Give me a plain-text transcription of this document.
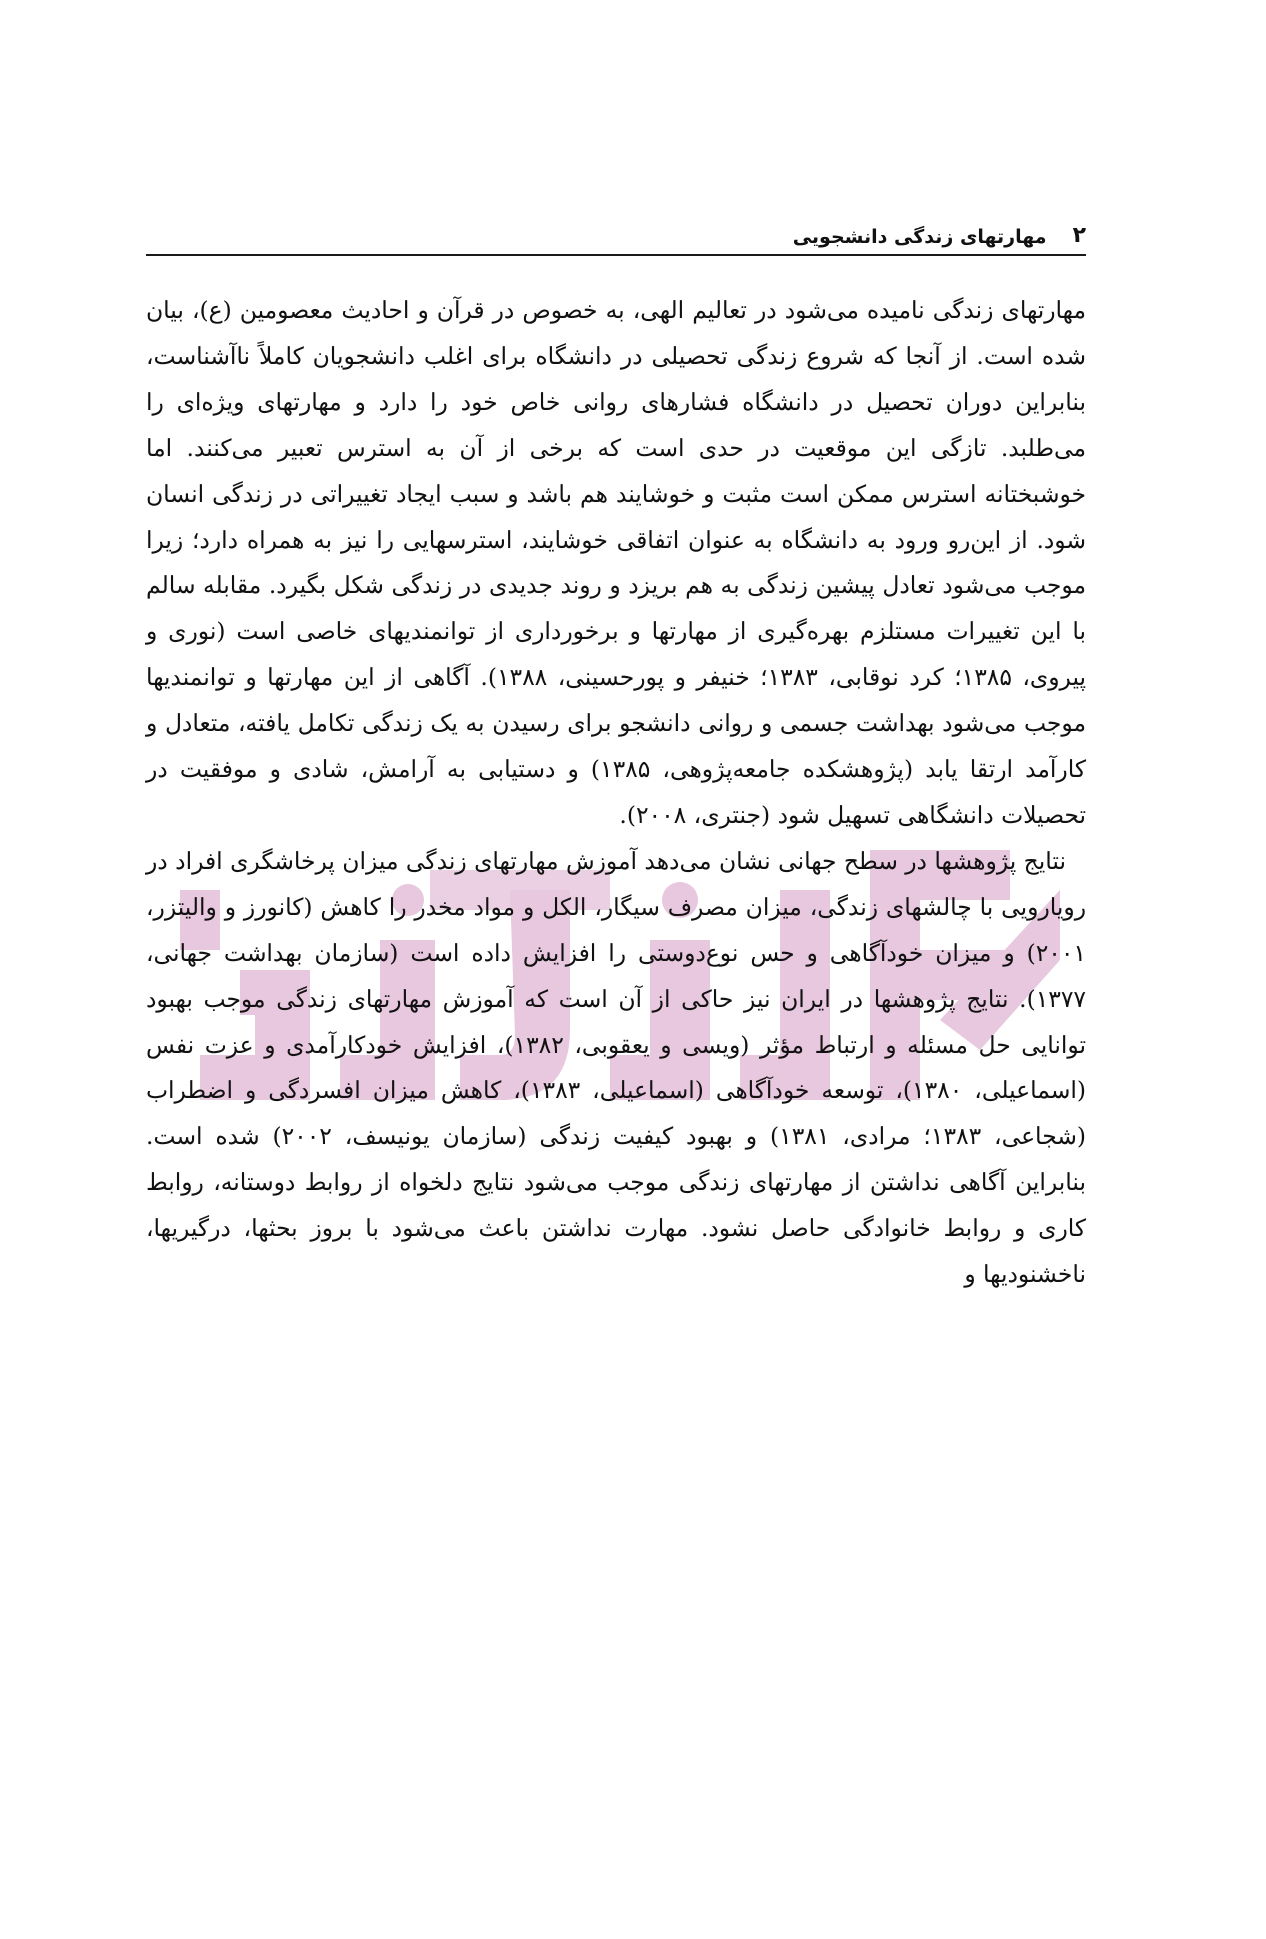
۲
مهارتهای زندگی دانشجویی

مهارتهای زندگی نامیده می‌شود در تعالیم الهی، به خصوص در قرآن و احادیث معصومین (ع)، بیان شده است. از آنجا که شروع زندگی تحصیلی در دانشگاه برای اغلب دانشجویان کاملاً ناآشناست، بنابراین دوران تحصیل در دانشگاه فشارهای روانی خاص خود را دارد و مهارتهای ویژه‌ای را می‌طلبد. تازگی این موقعیت در حدی است که برخی از آن به استرس تعبیر می‌کنند. اما خوشبختانه استرس ممکن است مثبت و خوشایند هم باشد و سبب ایجاد تغییراتی در زندگی انسان شود. از این‌رو ورود به دانشگاه به عنوان اتفاقی خوشایند، استرسهایی را نیز به همراه دارد؛ زیرا موجب می‌شود تعادل پیشین زندگی به هم بریزد و روند جدیدی در زندگی شکل بگیرد. مقابله سالم با این تغییرات مستلزم بهره‌گیری از مهارتها و برخورداری از توانمندیهای خاصی است (نوری و پیروی، ۱۳۸۵؛ کرد نوقابی، ۱۳۸۳؛ خنیفر و پورحسینی، ۱۳۸۸). آگاهی از این مهارتها و توانمندیها موجب می‌شود بهداشت جسمی و روانی دانشجو برای رسیدن به یک زندگی تکامل یافته، متعادل و کارآمد ارتقا یابد (پژوهشکده جامعه‌پژوهی، ۱۳۸۵) و دستیابی به آرامش، شادی و موفقیت در تحصیلات دانشگاهی تسهیل شود (جنتری، ۲۰۰۸).

نتایج پژوهشها در سطح جهانی نشان می‌دهد آموزش مهارتهای زندگی میزان پرخاشگری افراد در رویارویی با چالشهای زندگی، میزان مصرف سیگار، الکل و مواد مخدر را کاهش (کانورز و والیتزر، ۲۰۰۱) و میزان خودآگاهی و حس نوع‌دوستی را افزایش داده است (سازمان بهداشت جهانی، ۱۳۷۷). نتایج پژوهشها در ایران نیز حاکی از آن است که آموزش مهارتهای زندگی موجب بهبود توانایی حل مسئله و ارتباط مؤثر (ویسی و یعقوبی، ۱۳۸۲)، افزایش خودکارآمدی و عزت نفس (اسماعیلی، ۱۳۸۰)، توسعه خودآگاهی (اسماعیلی، ۱۳۸۳)، کاهش میزان افسردگی و اضطراب (شجاعی، ۱۳۸۳؛ مرادی، ۱۳۸۱) و بهبود کیفیت زندگی (سازمان یونیسف، ۲۰۰۲) شده است. بنابراین آگاهی نداشتن از مهارتهای زندگی موجب می‌شود نتایج دلخواه از روابط دوستانه، روابط کاری و روابط خانوادگی حاصل نشود. مهارت نداشتن باعث می‌شود با بروز بحثها، درگیریها، ناخشنودیها و
